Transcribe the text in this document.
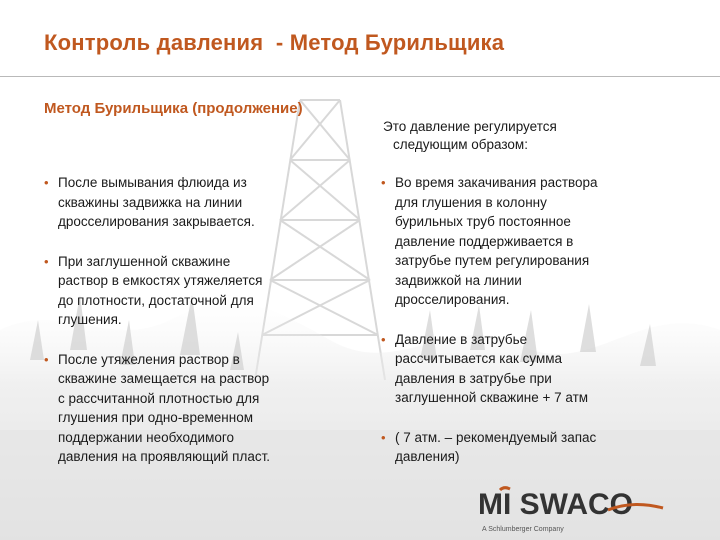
Контроль давления  - Метод Бурильщика
Метод Бурильщика (продолжение)
Это давление регулируется
следующим образом:
• После вымывания флюида из
скважины задвижка на линии
дросселирования закрывается.
• При заглушенной скважине
раствор в емкостях утяжеляется
до плотности, достаточной для
глушения.
• После утяжеления раствор в
скважине замещается на раствор
с рассчитанной плотностью для
глушения при одно-временном
поддержании необходимого
давления на проявляющий пласт.
• Во время закачивания раствора
для глушения в колонну
бурильных труб постоянное
давление поддерживается в
затрубье путем регулирования
задвижкой на линии
дросселирования.
• Давление в затрубье
рассчитывается как сумма
давления в затрубье при
заглушенной скважине + 7 атм
• ( 7 атм. – рекомендуемый запас
давления)
MI SWACO
A Schlumberger Company
